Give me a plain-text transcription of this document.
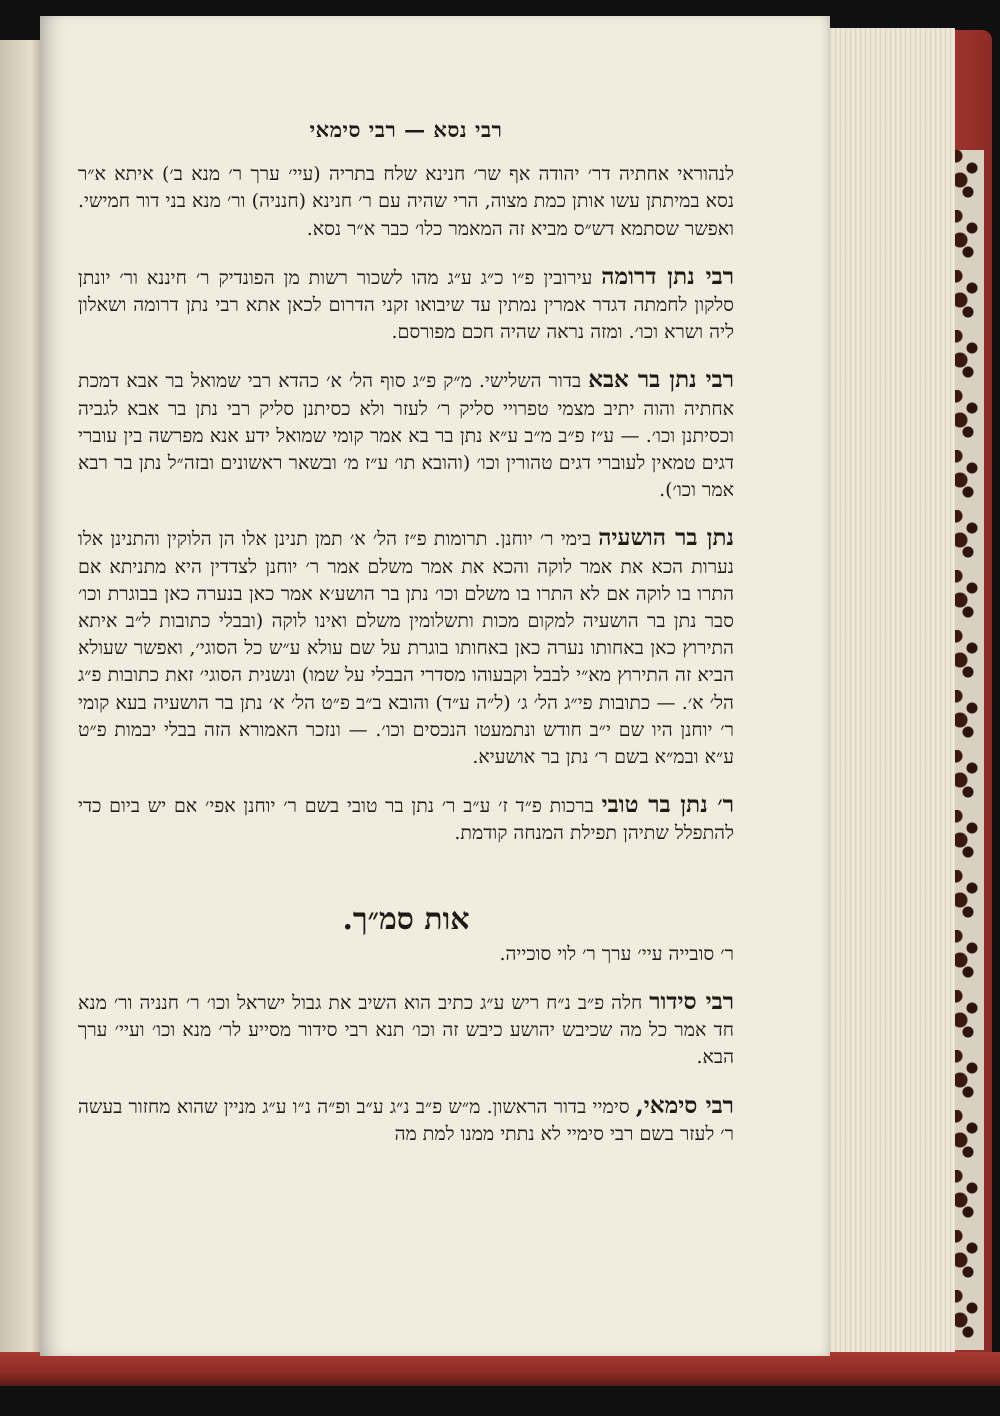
רבי נסא — רבי סימאי

לנהוראי אחתיה דר׳ יהודה אף שר׳ חנינא שלח בתריה (עיי׳ ערך ר׳ מנא ב׳) איתא א״ר נסא במיתתן עשו אותן כמת מצוה, הרי שהיה עם ר׳ חנינא (חנניה) ור׳ מנא בני דור חמישי. ואפשר שסתמא דש״ס מביא זה המאמר כלו׳ כבר א״ר נסא.

רבי נתן דרומה עירובין פ״ו כ״ג ע״ג מהו לשכור רשות מן הפונדיק ר׳ חיננא ור׳ יונתן סלקון לחמתה דגדר אמרין נמתין עד שיבואו זקני הדרום לכאן אתא רבי נתן דרומה ושאלון ליה ושרא וכו׳. ומזה נראה שהיה חכם מפורסם.

רבי נתן בר אבא בדור השלישי. מ״ק פ״ג סוף הל׳ א׳ כהדא רבי שמואל בר אבא דמכת אחתיה והוה יתיב מצמי טפרויי סליק ר׳ לעזר ולא כסיתנן סליק רבי נתן בר אבא לגביה וכסיתנן וכו׳. — ע״ז פ״ב מ״ב ע״א נתן בר בא אמר קומי שמואל ידע אנא מפרשה בין עוברי דגים טמאין לעוברי דגים טהורין וכו׳ (והובא תו׳ ע״ז מ׳ ובשאר ראשונים ובזה״ל נתן בר רבא אמר וכו׳).

נתן בר הושעיה בימי ר׳ יוחנן. תרומות פ״ז הל׳ א׳ תמן תנינן אלו הן הלוקין והתנינן אלו נערות הכא את אמר לוקה והכא את אמר משלם אמר ר׳ יוחנן לצדדין היא מתניתא אם התרו בו לוקה אם לא התרו בו משלם וכו׳ נתן בר הושע׳א אמר כאן בנערה כאן בבוגרת וכו׳ סבר נתן בר הושעיה למקום מכות ותשלומין משלם ואינו לוקה (ובבלי כתובות ל״ב איתא התירוץ כאן באחותו נערה כאן באחותו בוגרת על שם עולא ע״ש כל הסוגי׳, ואפשר שעולא הביא זה התירוץ מא״י לבבל וקבעוהו מסדרי הבבלי על שמו) ונשנית הסוגי׳ זאת כתובות פ״ג הל׳ א׳. — כתובות פי״ג הל׳ ג׳ (ל״ה ע״ד) והובא ב״ב פ״ט הל׳ א׳ נתן בר הושעיה בעא קומי ר׳ יוחנן היו שם י״ב חודש ונתמעטו הנכסים וכו׳. — ונזכר האמורא הזה בבלי יבמות פ״ט ע״א ובמ״א בשם ר׳ נתן בר אושעיא.

ר׳ נתן בר טובי ברכות פ״ד ז׳ ע״ב ר׳ נתן בר טובי בשם ר׳ יוחנן אפי׳ אם יש ביום כדי להתפלל שתיהן תפילת המנחה קודמת.

אות סמ״ך.

ר׳ סובייה עיי׳ ערך ר׳ לוי סוכייה.

רבי סידור חלה פ״ב נ״ח ריש ע״ג כתיב הוא השיב את גבול ישראל וכו׳ ר׳ חנניה ור׳ מנא חד אמר כל מה שכיבש יהושע כיבש זה וכו׳ תנא רבי סידור מסייע לר׳ מנא וכו׳ ועיי׳ ערך הבא.

רבי סימאי, סימיי בדור הראשון. מ״ש פ״ב נ״ג ע״ב ופ״ה נ״ו ע״ג מניין שהוא מחזור בעשה ר׳ לעזר בשם רבי סימיי לא נתתי ממנו למת מה
